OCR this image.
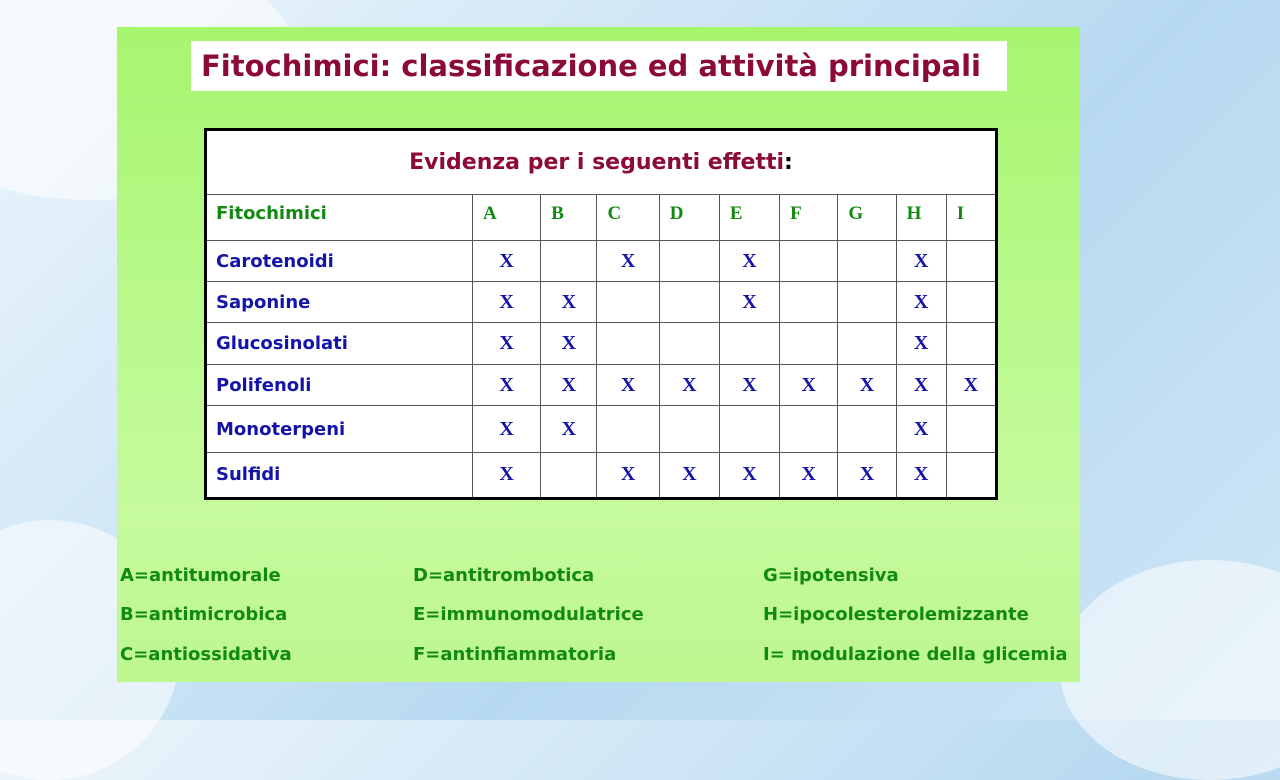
Fitochimici: classificazione ed attività principali
Evidenza per i seguenti effetti:									
Fitochimici	A	B	C	D	E	F	G	H	I
Carotenoidi	X		X		X			X	
Saponine	X	X			X			X	
Glucosinolati	X	X						X	
Polifenoli	X	X	X	X	X	X	X	X	X
Monoterpeni	X	X						X	
Sulfidi	X		X	X	X	X	X	X	
A=antitumorale
B=antimicrobica
C=antiossidativa
D=antitrombotica
E=immunomodulatrice
F=antinfiammatoria
G=ipotensiva
H=ipocolesterolemizzante
I= modulazione della glicemia
